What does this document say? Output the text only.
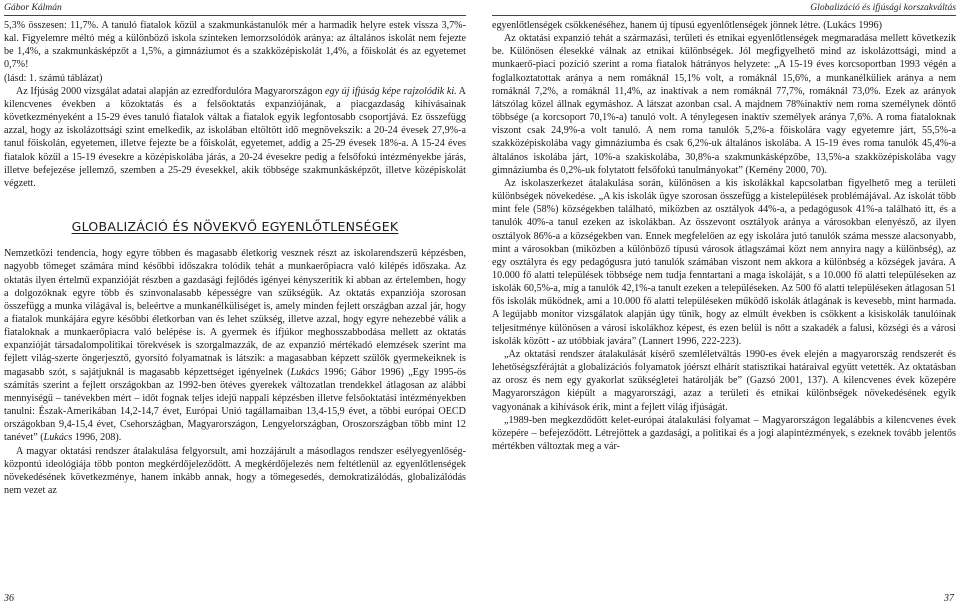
Gábor Kálmán

5,3% összesen: 11,7%. A tanuló fiatalok közül a szakmunkástanulók mér a harmadik helyre estek vissza 3,7%-kal. Figyelemre méltó még a különböző iskola szinteken lemorzsolódók aránya: az általános iskolát nem fejezte be 1,4%, a szakmunkásképzőt a 1,5%, a gimnáziumot és a szakközépiskolát 1,4%, a főiskolát és az egyetemet 0,7%!

(lásd: 1. számú táblázat)

Az Ifjúság 2000 vizsgálat adatai alapján az ezredfordulóra Magyarországon egy új ifjúság képe rajzolódik ki. A kilencvenes években a közoktatás és a felsőoktatás expanziójának, a piacgazdaság kihívásainak következményeként a 15-29 éves tanuló fiatalok váltak a fiatalok egyik legfontosabb csoportjává. Ez összefügg azzal, hogy az iskolázottsági szint emelkedik, az iskolában eltöltött idő megnövekszik: a 20-24 évesek 27,9%-a tanul főiskolán, egyetemen, illetve fejezte be a főiskolát, egyetemet, addig a 25-29 évesek 18%-a. A 15-24 éves fiatalok közül a 15-19 évesekre a középiskolába járás, a 20-24 évesekre pedig a felsőfokú intézményekbe járás, illetve befejezése jellemző, szemben a 25-29 évesekkel, akik többsége szakmunkásképzőt, illetve középiskolát végzett.

GLOBALIZÁCIÓ ÉS NÖVEKVŐ EGYENLŐTLENSÉGEK

Nemzetközi tendencia, hogy egyre többen és magasabb életkorig vesznek részt az iskolarendszerű képzésben, nagyobb tömeget számára mind későbbi időszakra tolódik tehát a munkaerőpiacra való kilépés időszaka. Az oktatás ilyen értelmű expanzióját részben a gazdasági fejlődés igényei kényszerítik ki abban az értelemben, hogy a dolgozóknak egyre több és színvonalasabb képességre van szükségük. Az oktatás expanziója szorosan összefügg a munka világával is, beleértve a munkanélküliséget is, amely minden fejlett országban azzal jár, hogy a fiatalok munkájára egyre későbbi életkorban van és lehet szükség, illetve azzal, hogy egyre nehezebbé válik a fiataloknak a munkaerőpiacra való belépése is. A gyermek és ifjúkor meghosszabbodása mellett az oktatás expanzióját társadalompolitikai törekvések is szorgalmazzák, de az expanzió mértékadó elemzések szerint ma fejlett világ-szerte öngerjesztő, gyorsító folyamatnak is látszik: a magasabban képzett szülők gyermekeiknek is magasabb szót, s sajátjuknál is magasabb képzettséget igényelnek (Lukács 1996; Gábor 1996) „Egy 1995-ös számítás szerint a fejlett országokban az 1992-ben ötéves gyerekek változatlan trendekkel átlagosan az alábbi mennyiségű – tanévekben mért – időt fognak teljes idejű nappali képzésben illetve felsőoktatási intézményekben tanulni: Észak-Amerikában 14,2-14,7 évet, Európai Unió tagállamaiban 13,4-15,9 évet, a többi európai OECD országokban 9,4-15,4 évet, Csehországban, Magyarországon, Lengyelországban, Oroszországban több mint 12 tanévet” (Lukács 1996, 208).

A magyar oktatási rendszer átalakulása felgyorsult, ami hozzájárult a másodlagos rendszer esélyegyenlőség-központú ideológiája több ponton megkérdőjeleződött. A megkérdőjelezés nem feltétlenül az egyenlőtlenségek növekedésének következménye, hanem inkább annak, hogy a tömegesedés, demokratizálódás, globalizálódás nem vezet az

36
Globalizáció és ifjúsági korszakváltás

egyenlőtlenségek csökkenéséhez, hanem új típusú egyenlőtlenségek jönnek létre. (Lukács 1996)

Az oktatási expanzió tehát a származási, területi és etnikai egyenlőtlenségek megmaradása mellett következik be. Különösen élesekké válnak az etnikai különbségek. Jól megfigyelhető mind az iskolázottsági, mind a munkaerő-piaci pozíció szerint a roma fiatalok hátrányos helyzete: „A 15-19 éves korcsoportban 1993 végén a foglalkoztatottak aránya a nem romáknál 15,1% volt, a romáknál 15,6%, a munkanélküliek aránya a nem romáknál 7,2%, a romáknál 11,4%, az inaktívak a nem romáknál 77,7%, romáknál 73,0%. Ezek az arányok látszólag közel állnak egymáshoz. A látszat azonban csal. A majdnem 78%inaktív nem roma személynek döntő többsége (a korcsoport 70,1%-a) tanuló volt. A ténylegesen inaktív személyek aránya 7,6%. A roma fiataloknak viszont csak 24,9%-a volt tanuló. A nem roma tanulók 5,2%-a főiskolára vagy egyetemre járt, 55,5%-a szakközépiskolába vagy gimnáziumba és csak 6,2%-uk általános iskolába. A 15-19 éves roma tanulók 45,4%-a általános iskolába járt, 10%-a szakiskolába, 30,8%-a szakmunkásképzőbe, 13,5%-a szakközépiskolába vagy gimnáziumba és 0,2%-uk folytatott felsőfokú tanulmányokat” (Kemény 2000, 70).

Az iskolaszerkezet átalakulása során, különösen a kis iskolákkal kapcsolatban figyelhető meg a területi különbségek növekedése. „A kis iskolák ügye szorosan összefügg a kistelepülések problémájával. Az iskolát több mint fele (58%) községekben található, miközben az osztályok 44%-a, a pedagógusok 41%-a található itt, és a tanulók 40%-a tanul ezeken az iskolákban. Az összevont osztályok aránya a városokban elenyésző, az ilyen osztályok 86%-a a községekben van. Ennek megfelelően az egy iskolára jutó tanulók száma messze alacsonyabb, mint a városokban (miközben a különböző típusú városok átlagszámai közt nem annyira nagy a különbség), az egy osztályra és egy pedagógusra jutó tanulók számában viszont nem akkora a különbség a községek javára. A 10.000 fő alatti települések többsége nem tudja fenntartani a maga iskoláját, s a 10.000 fő alatti településeken az iskolák 60,5%-a, míg a tanulók 42,1%-a tanult ezeken a településeken. Az 500 fő alatti településeken átlagosan 51 fős iskolák működnek, ami a 10.000 fő alatti településeken működő iskolák átlagának is kevesebb, mint harmada. A legújabb monitor vizsgálatok alapján úgy tűnik, hogy az elmúlt években is csökkent a kisiskolák tanulóinak teljesítménye különösen a városi iskolákhoz képest, és ezen belül is nőtt a szakadék a falusi, községi és a városi iskolák között - az utóbbiak javára” (Lannert 1996, 222-223).

„Az oktatási rendszer átalakulását kísérő szemléletváltás 1990-es évek elején a magyarország rendszerét és lehetőségszférájtát a globalizációs folyamatok jóérszt elhárít statisztikai határaival együtt vetették. Az oktatásban az orosz és nem egy gyakorlat szükségletei határolják be” (Gazsó 2001, 137). A kilencvenes évek közepére Magyarországon kiépült a magyarországi, azaz a területi és etnikai különbségek növekedésének egyik vagyonának a kihívások érik, mint a fejlett világ ifjúságát.

„1989-ben megkezdődött kelet-európai átalakulási folyamat – Magyarországon legalábbis a kilencvenes évek közepére – befejeződött. Létrejöttek a gazdasági, a politikai és a jogi alapintézmények, s ezeknek tovább jelentős mértékben változtak meg a vár-

37
